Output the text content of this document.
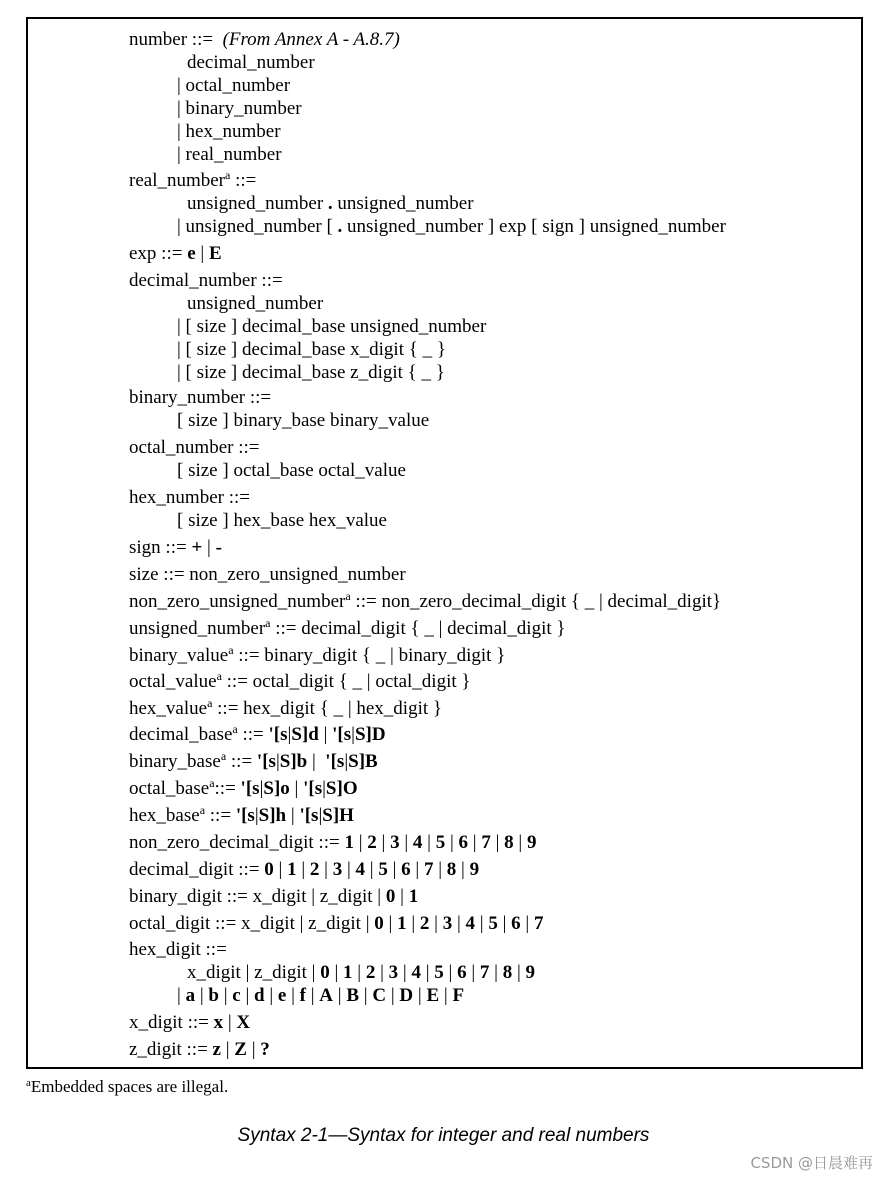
number ::=  (From Annex A - A.8.7)
decimal_number
| octal_number
| binary_number
| hex_number
| real_number
real_number$^a$ ::=
unsigned_number . unsigned_number
| unsigned_number [ . unsigned_number ] exp [ sign ] unsigned_number
exp ::= e | E
decimal_number ::=
unsigned_number
| [ size ] decimal_base unsigned_number
| [ size ] decimal_base x_digit { _ }
| [ size ] decimal_base z_digit { _ }
binary_number ::=
[ size ] binary_base binary_value
octal_number ::=
[ size ] octal_base octal_value
hex_number ::=
[ size ] hex_base hex_value
sign ::= + | -
size ::= non_zero_unsigned_number
non_zero_unsigned_number$^a$ ::= non_zero_decimal_digit { _ | decimal_digit}
unsigned_number$^a$ ::= decimal_digit { _ | decimal_digit }
binary_value$^a$ ::= binary_digit { _ | binary_digit }
octal_value$^a$ ::= octal_digit { _ | octal_digit }
hex_value$^a$ ::= hex_digit { _ | hex_digit }
decimal_base$^a$ ::= '[s|S]d | '[s|S]D
binary_base$^a$ ::= '[s|S]b |  '[s|S]B
octal_base$^a$::= '[s|S]o | '[s|S]O
hex_base$^a$ ::= '[s|S]h | '[s|S]H
non_zero_decimal_digit ::= 1 | 2 | 3 | 4 | 5 | 6 | 7 | 8 | 9
decimal_digit ::= 0 | 1 | 2 | 3 | 4 | 5 | 6 | 7 | 8 | 9
binary_digit ::= x_digit | z_digit | 0 | 1
octal_digit ::= x_digit | z_digit | 0 | 1 | 2 | 3 | 4 | 5 | 6 | 7
hex_digit ::=
x_digit | z_digit | 0 | 1 | 2 | 3 | 4 | 5 | 6 | 7 | 8 | 9
| a | b | c | d | e | f | A | B | C | D | E | F
x_digit ::= x | X
z_digit ::= z | Z | ?
$^a$Embedded spaces are illegal.
Syntax 2-1—Syntax for integer and real numbers
CSDN @日晨难再
